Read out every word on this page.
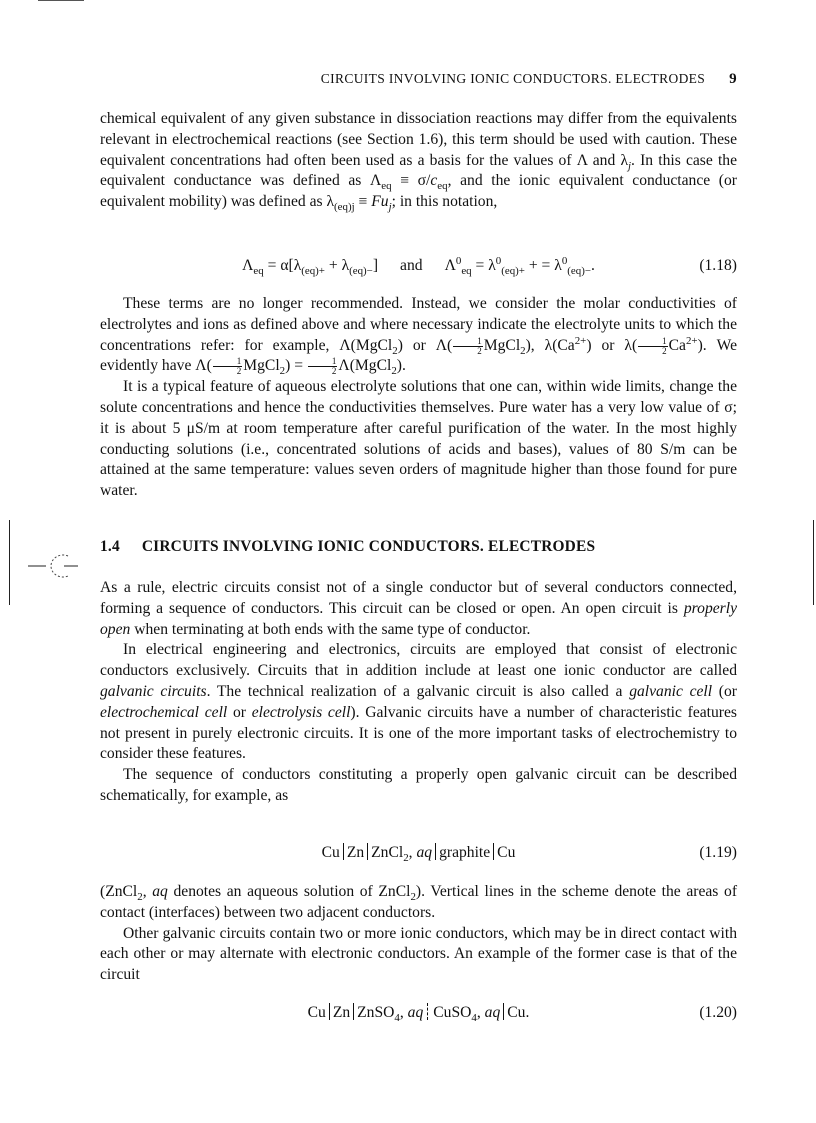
CIRCUITS INVOLVING IONIC CONDUCTORS. ELECTRODES 9

chemical equivalent of any given substance in dissociation reactions may differ from the equivalents relevant in electrochemical reactions (see Section 1.6), this term should be used with caution. These equivalent concentrations had often been used as a basis for the values of Λ and $\lambda_j$. In this case the equivalent conductance was defined as $\Lambda_{eq} \equiv \sigma/c_{eq}$, and the ionic equivalent conductance (or equivalent mobility) was defined as $\lambda_{(eq)j} \equiv Fu_j$; in this notation,

$\Lambda_{eq} = \alpha[\lambda_{(eq)+} + \lambda_{(eq)-}]$ and $\Lambda^0_{eq} = \lambda^0_{(eq)+}$ + = $\lambda^0_{(eq)-}$.	(1.18)

These terms are no longer recommended. Instead, we consider the molar conductivities of electrolytes and ions as defined above and where necessary indicate the electrolyte units to which the concentrations refer: for example, Λ(MgCl$_2$) or $\Lambda( \frac{1}{2}$ MgCl$_2$), $\lambda(Ca^{2+})$ or $\lambda( \frac{1}{2} Ca^{2+})$. We evidently have $\Lambda( \frac{1}{2}$ MgCl$_2$) = $\frac{1}{2}$ Λ(MgCl$_2$).

It is a typical feature of aqueous electrolyte solutions that one can, within wide limits, change the solute concentrations and hence the conductivities themselves. Pure water has a very low value of σ; it is about 5 μS/m at room temperature after careful purification of the water. In the most highly conducting solutions (i.e., concentrated solutions of acids and bases), values of 80 S/m can be attained at the same temperature: values seven orders of magnitude higher than those found for pure water.

1.4 CIRCUITS INVOLVING IONIC CONDUCTORS. ELECTRODES

As a rule, electric circuits consist not of a single conductor but of several conductors connected, forming a sequence of conductors. This circuit can be closed or open. An open circuit is properly open when terminating at both ends with the same type of conductor.

In electrical engineering and electronics, circuits are employed that consist of electronic conductors exclusively. Circuits that in addition include at least one ionic conductor are called galvanic circuits. The technical realization of a galvanic circuit is also called a galvanic cell (or electrochemical cell or electrolysis cell). Galvanic circuits have a number of characteristic features not present in purely electronic circuits. It is one of the more important tasks of electrochemistry to consider these features.

The sequence of conductors constituting a properly open galvanic circuit can be described schematically, for example, as

Cu Zn ZnCl$_2$, aq graphite Cu	(1.19)

(ZnCl$_2$, aq denotes an aqueous solution of ZnCl$_2$). Vertical lines in the scheme denote the areas of contact (interfaces) between two adjacent conductors.

Other galvanic circuits contain two or more ionic conductors, which may be in direct contact with each other or may alternate with electronic conductors. An example of the former case is that of the circuit

Cu Zn ZnSO$_4$, aq CuSO$_4$, aq Cu.	(1.20)
